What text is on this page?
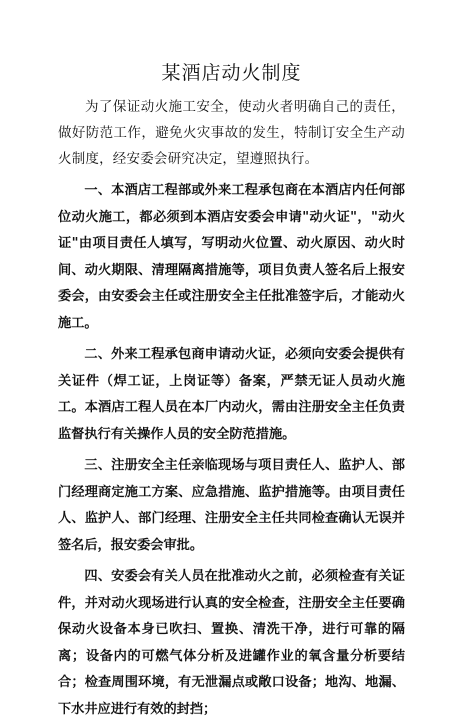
某酒店动火制度

为了保证动火施工安全，使动火者明确自己的责任，做好防范工作，避免火灾事故的发生，特制订安全生产动火制度，经安委会研究决定，望遵照执行。

一、本酒店工程部或外来工程承包商在本酒店内任何部位动火施工，都必须到本酒店安委会申请"动火证"，"动火证"由项目责任人填写，写明动火位置、动火原因、动火时间、动火期限、清理隔离措施等，项目负责人签名后上报安委会，由安委会主任或注册安全主任批准签字后，才能动火施工。

二、外来工程承包商申请动火证，必须向安委会提供有关证件（焊工证，上岗证等）备案，严禁无证人员动火施工。本酒店工程人员在本厂内动火，需由注册安全主任负责监督执行有关操作人员的安全防范措施。

三、注册安全主任亲临现场与项目责任人、监护人、部门经理商定施工方案、应急措施、监护措施等。由项目责任人、监护人、部门经理、注册安全主任共同检查确认无误并签名后，报安委会审批。

四、安委会有关人员在批准动火之前，必须检查有关证件，并对动火现场进行认真的安全检查，注册安全主任要确保动火设备本身已吹扫、置换、清洗干净，进行可靠的隔离；设备内的可燃气体分析及进罐作业的氧含量分析要结合；检查周围环境，有无泄漏点或敞口设备；地沟、地漏、下水井应进行有效的封挡；
